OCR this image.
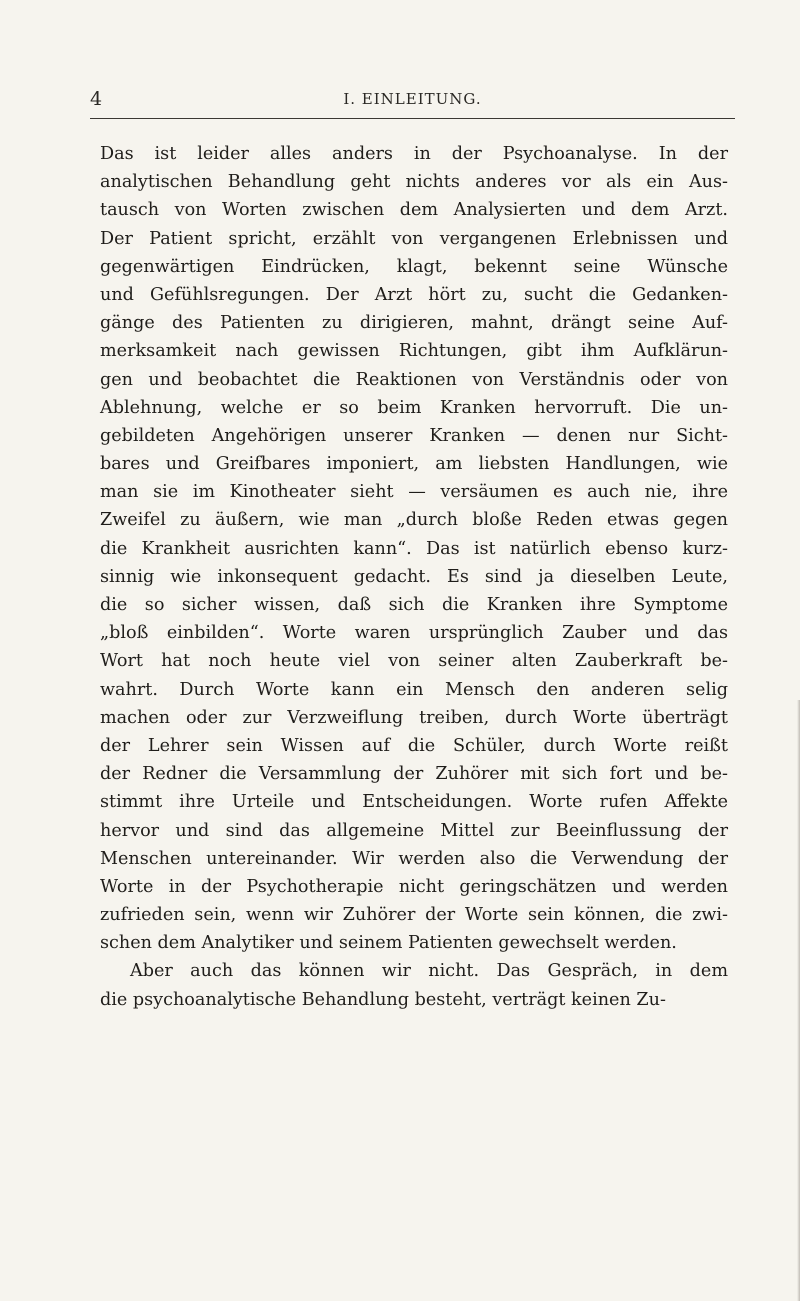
4	I. EINLEITUNG.
Das ist leider alles anders in der Psychoanalyse. In der
analytischen Behandlung geht nichts anderes vor als ein Aus-
tausch von Worten zwischen dem Analysierten und dem Arzt.
Der Patient spricht, erzählt von vergangenen Erlebnissen und
gegenwärtigen Eindrücken, klagt, bekennt seine Wünsche
und Gefühlsregungen. Der Arzt hört zu, sucht die Gedanken-
gänge des Patienten zu dirigieren, mahnt, drängt seine Auf-
merksamkeit nach gewissen Richtungen, gibt ihm Aufklärun-
gen und beobachtet die Reaktionen von Verständnis oder von
Ablehnung, welche er so beim Kranken hervorruft. Die un-
gebildeten Angehörigen unserer Kranken — denen nur Sicht-
bares und Greifbares imponiert, am liebsten Handlungen, wie
man sie im Kinotheater sieht — versäumen es auch nie, ihre
Zweifel zu äußern, wie man „durch bloße Reden etwas gegen
die Krankheit ausrichten kann“. Das ist natürlich ebenso kurz-
sinnig wie inkonsequent gedacht. Es sind ja dieselben Leute,
die so sicher wissen, daß sich die Kranken ihre Symptome
„bloß einbilden“. Worte waren ursprünglich Zauber und das
Wort hat noch heute viel von seiner alten Zauberkraft be-
wahrt. Durch Worte kann ein Mensch den anderen selig
machen oder zur Verzweiflung treiben, durch Worte überträgt
der Lehrer sein Wissen auf die Schüler, durch Worte reißt
der Redner die Versammlung der Zuhörer mit sich fort und be-
stimmt ihre Urteile und Entscheidungen. Worte rufen Affekte
hervor und sind das allgemeine Mittel zur Beeinflussung der
Menschen untereinander. Wir werden also die Verwendung der
Worte in der Psychotherapie nicht geringschätzen und werden
zufrieden sein, wenn wir Zuhörer der Worte sein können, die zwi-
schen dem Analytiker und seinem Patienten gewechselt werden.
Aber auch das können wir nicht. Das Gespräch, in dem
die psychoanalytische Behandlung besteht, verträgt keinen Zu-
